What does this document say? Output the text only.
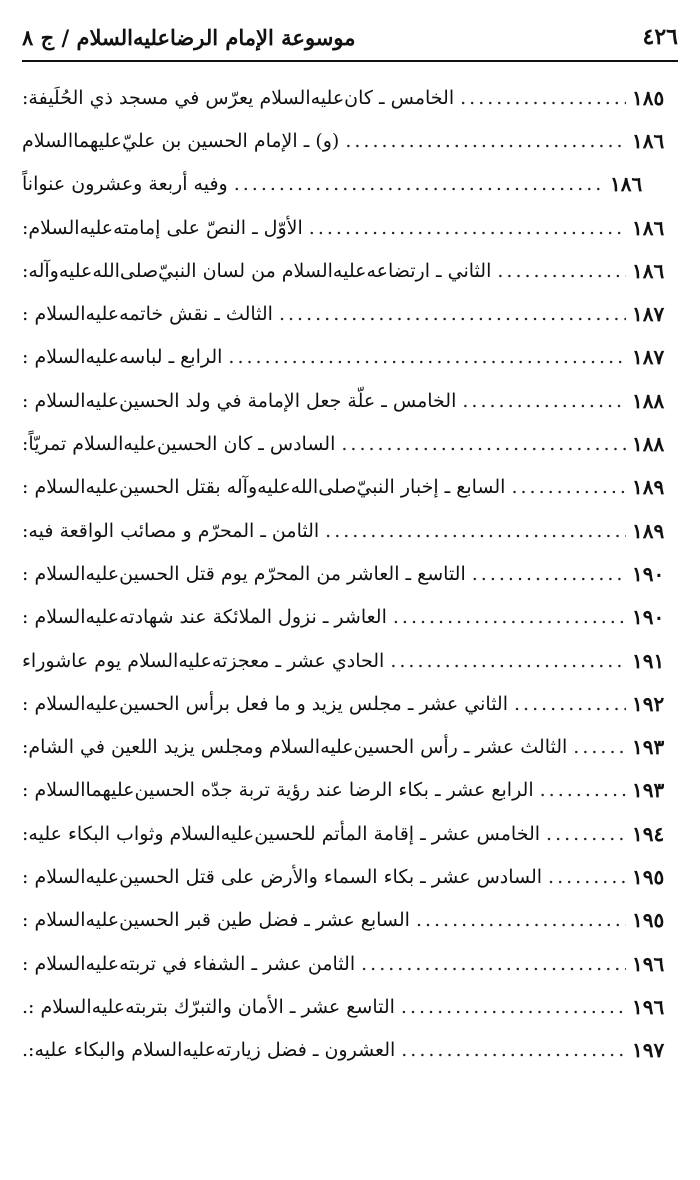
٤٢٦
موسوعة الإمام الرضا‌عليه‌السلام / ج ٨
الخامس ـ كان‌عليه‌السلام يعرّس في مسجد ذي الحُلَيفة: .....	١٨٥
(و) ـ الإمام الحسين بن عليّ‌عليهما‌السلام .....	١٨٦
وفيه أربعة وعشرون عنواناً .....	١٨٦
الأوّل ـ النصّ على إمامته‌عليه‌السلام: .....	١٨٦
الثاني ـ ارتضاعه‌عليه‌السلام من لسان النبيّ‌صلى‌الله‌عليه‌وآله: .....	١٨٦
الثالث ـ نقش خاتمه‌عليه‌السلام : .....	١٨٧
الرابع ـ لباسه‌عليه‌السلام : .....	١٨٧
الخامس ـ علّة جعل الإمامة في ولد الحسين‌عليه‌السلام : .....	١٨٨
السادس ـ كان الحسين‌عليه‌السلام تمريّاً: .....	١٨٨
السابع ـ إخبار النبيّ‌صلى‌الله‌عليه‌وآله بقتل الحسين‌عليه‌السلام : .....	١٨٩
الثامن ـ المحرّم و مصائب الواقعة فيه: .....	١٨٩
التاسع ـ العاشر من المحرّم يوم قتل الحسين‌عليه‌السلام : .....	١٩٠
العاشر ـ نزول الملائكة عند شهادته‌عليه‌السلام : .....	١٩٠
الحادي عشر ـ معجزته‌عليه‌السلام يوم عاشوراء .....	١٩١
الثاني عشر ـ مجلس يزيد و ما فعل برأس الحسين‌عليه‌السلام : .....	١٩٢
الثالث عشر ـ رأس الحسين‌عليه‌السلام ومجلس يزيد اللعين في الشام: .....	١٩٣
الرابع عشر ـ بكاء الرضا عند رؤية تربة جدّه الحسين‌عليهما‌السلام : .....	١٩٣
الخامس عشر ـ إقامة المأتم للحسين‌عليه‌السلام وثواب البكاء عليه: .....	١٩٤
السادس عشر ـ بكاء السماء والأرض على قتل الحسين‌عليه‌السلام : .....	١٩٥
السابع عشر ـ فضل طين قبر الحسين‌عليه‌السلام : .....	١٩٥
الثامن عشر ـ الشفاء في تربته‌عليه‌السلام : .....	١٩٦
التاسع عشر ـ الأمان والتبرّك بتربته‌عليه‌السلام :. .....	١٩٦
العشرون ـ فضل زيارته‌عليه‌السلام والبكاء عليه:. .....	١٩٧
